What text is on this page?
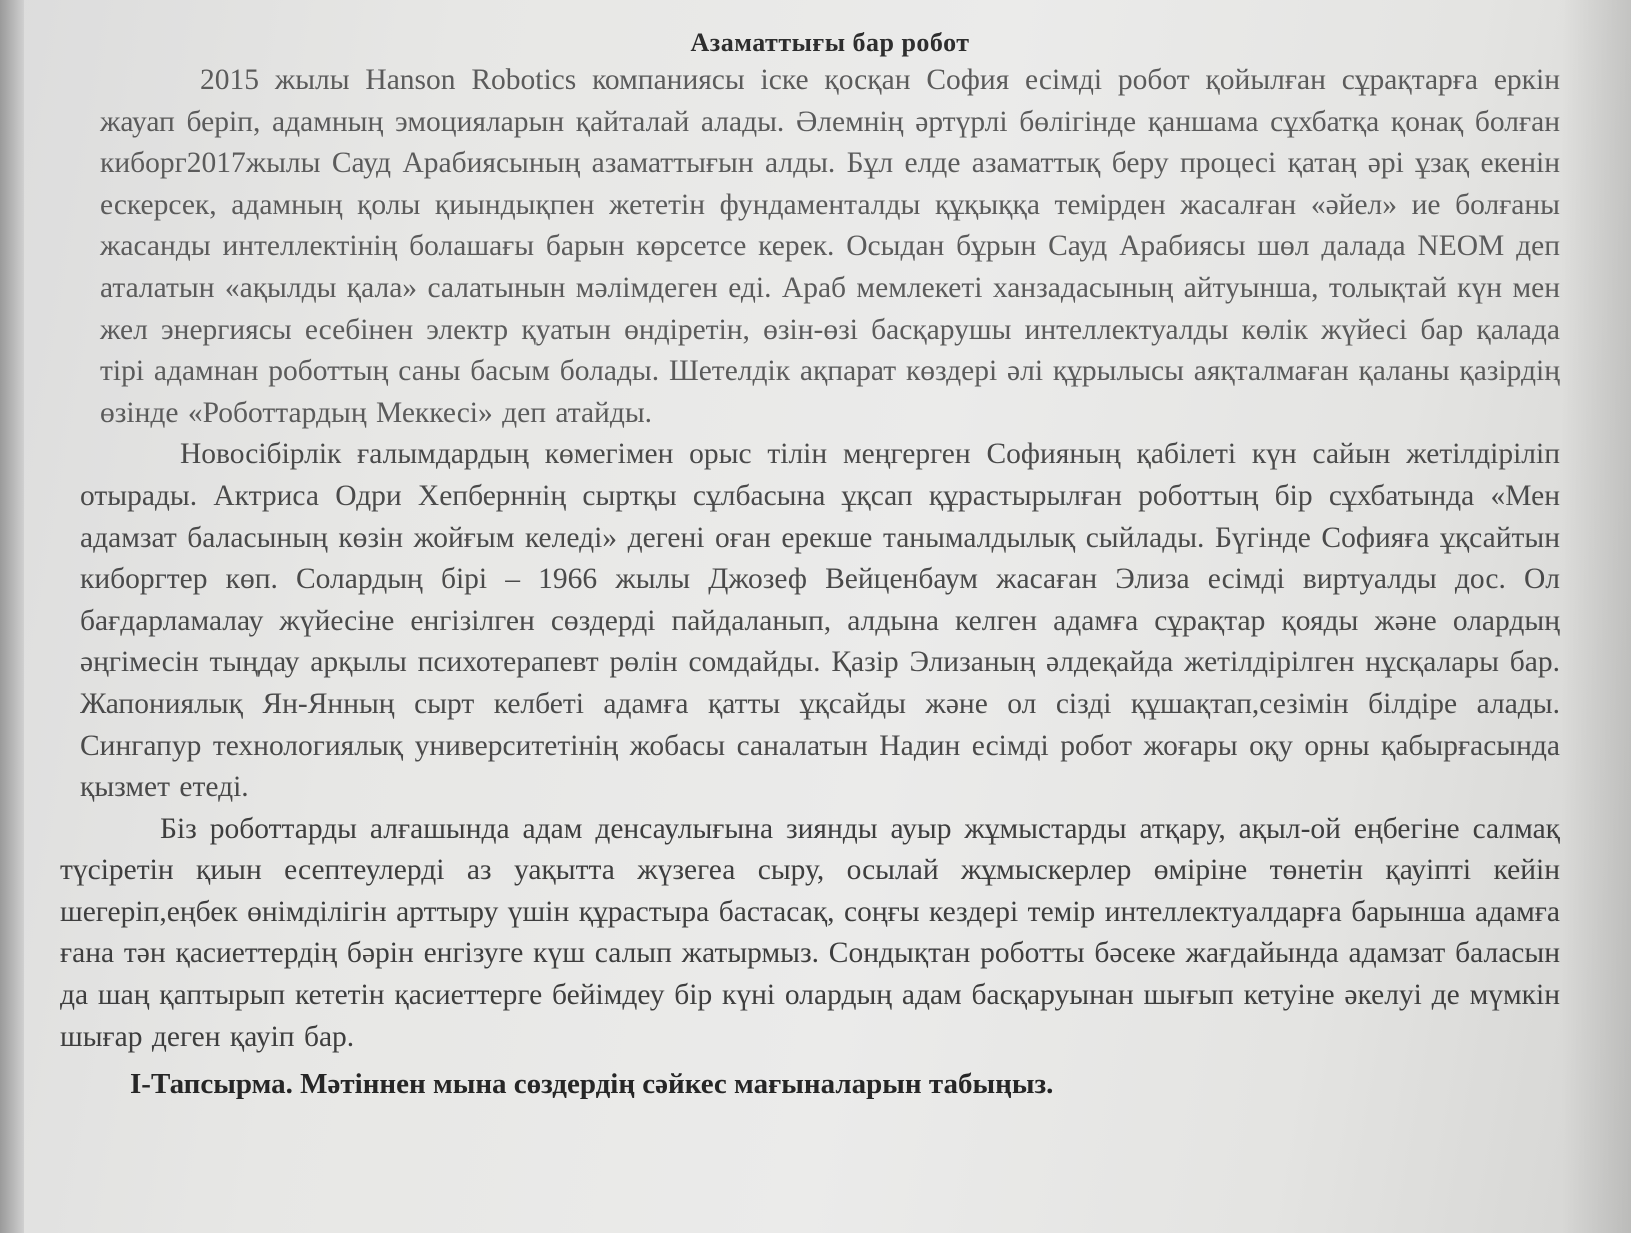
Азаматтығы бар робот

2015 жылы Hanson Robotics компаниясы іске қосқан София есімді робот қойылған сұрақтарға еркін жауап беріп, адамның эмоцияларын қайталай алады. Әлемнің әртүрлі бөлігінде қаншама сұхбатқа қонақ болған киборг2017жылы Сауд Арабиясының азаматтығын алды. Бұл елде азаматтық беру процесі қатаң әрі ұзақ екенін ескерсек, адамның қолы қиындықпен жететін фундаменталды құқыққа темірден жасалған «әйел» ие болғаны жасанды интеллектінің болашағы барын көрсетсе керек. Осыдан бұрын Сауд Арабиясы шөл далада NEOM деп аталатын «ақылды қала» салатынын мәлімдеген еді. Араб мемлекеті ханзадасының айтуынша, толықтай күн мен жел энергиясы есебінен электр қуатын өндіретін, өзін-өзі басқарушы интеллектуалды көлік жүйесі бар қалада тірі адамнан роботтың саны басым болады. Шетелдік ақпарат көздері әлі құрылысы аяқталмаған қаланы қазірдің өзінде «Роботтардың Меккесі» деп атайды.

Новосібірлік ғалымдардың көмегімен орыс тілін меңгерген Софияның қабілеті күн сайын жетілдіріліп отырады. Актриса Одри Хепберннің сыртқы сұлбасына ұқсап құрастырылған роботтың бір сұхбатында «Мен адамзат баласының көзін жойғым келеді» дегені оған ерекше танымалдылық сыйлады. Бүгінде Софияға ұқсайтын киборгтер көп. Солардың бірі – 1966 жылы Джозеф Вейценбаум жасаған Элиза есімді виртуалды дос. Ол бағдарламалау жүйесіне енгізілген сөздерді пайдаланып, алдына келген адамға сұрақтар қояды және олардың әңгімесін тыңдау арқылы психотерапевт рөлін сомдайды. Қазір Элизаның әлдеқайда жетілдірілген нұсқалары бар. Жапониялық Ян-Янның сырт келбеті адамға қатты ұқсайды және ол сізді құшақтап,сезімін білдіре алады. Сингапур технологиялық университетінің жобасы саналатын Надин есімді робот жоғары оқу орны қабырғасында қызмет етеді.

Біз роботтарды алғашында адам денсаулығына зиянды ауыр жұмыстарды атқару, ақыл-ой еңбегіне салмақ түсіретін қиын есептеулерді аз уақытта жүзегеа сыру, осылай жұмыскерлер өміріне төнетін қауіпті кейін шегеріп,еңбек өнімділігін арттыру үшін құрастыра бастасақ, соңғы кездері темір интеллектуалдарға барынша адамға ғана тән қасиеттердің бәрін енгізуге күш салып жатырмыз. Сондықтан роботты бәсеке жағдайында адамзат баласын да шаң қаптырып кететін қасиеттерге бейімдеу бір күні олардың адам басқаруынан шығып кетуіне әкелуі де мүмкін шығар деген қауіп бар.

І-Тапсырма. Мәтіннен мына сөздердің сәйкес мағыналарын табыңыз.
